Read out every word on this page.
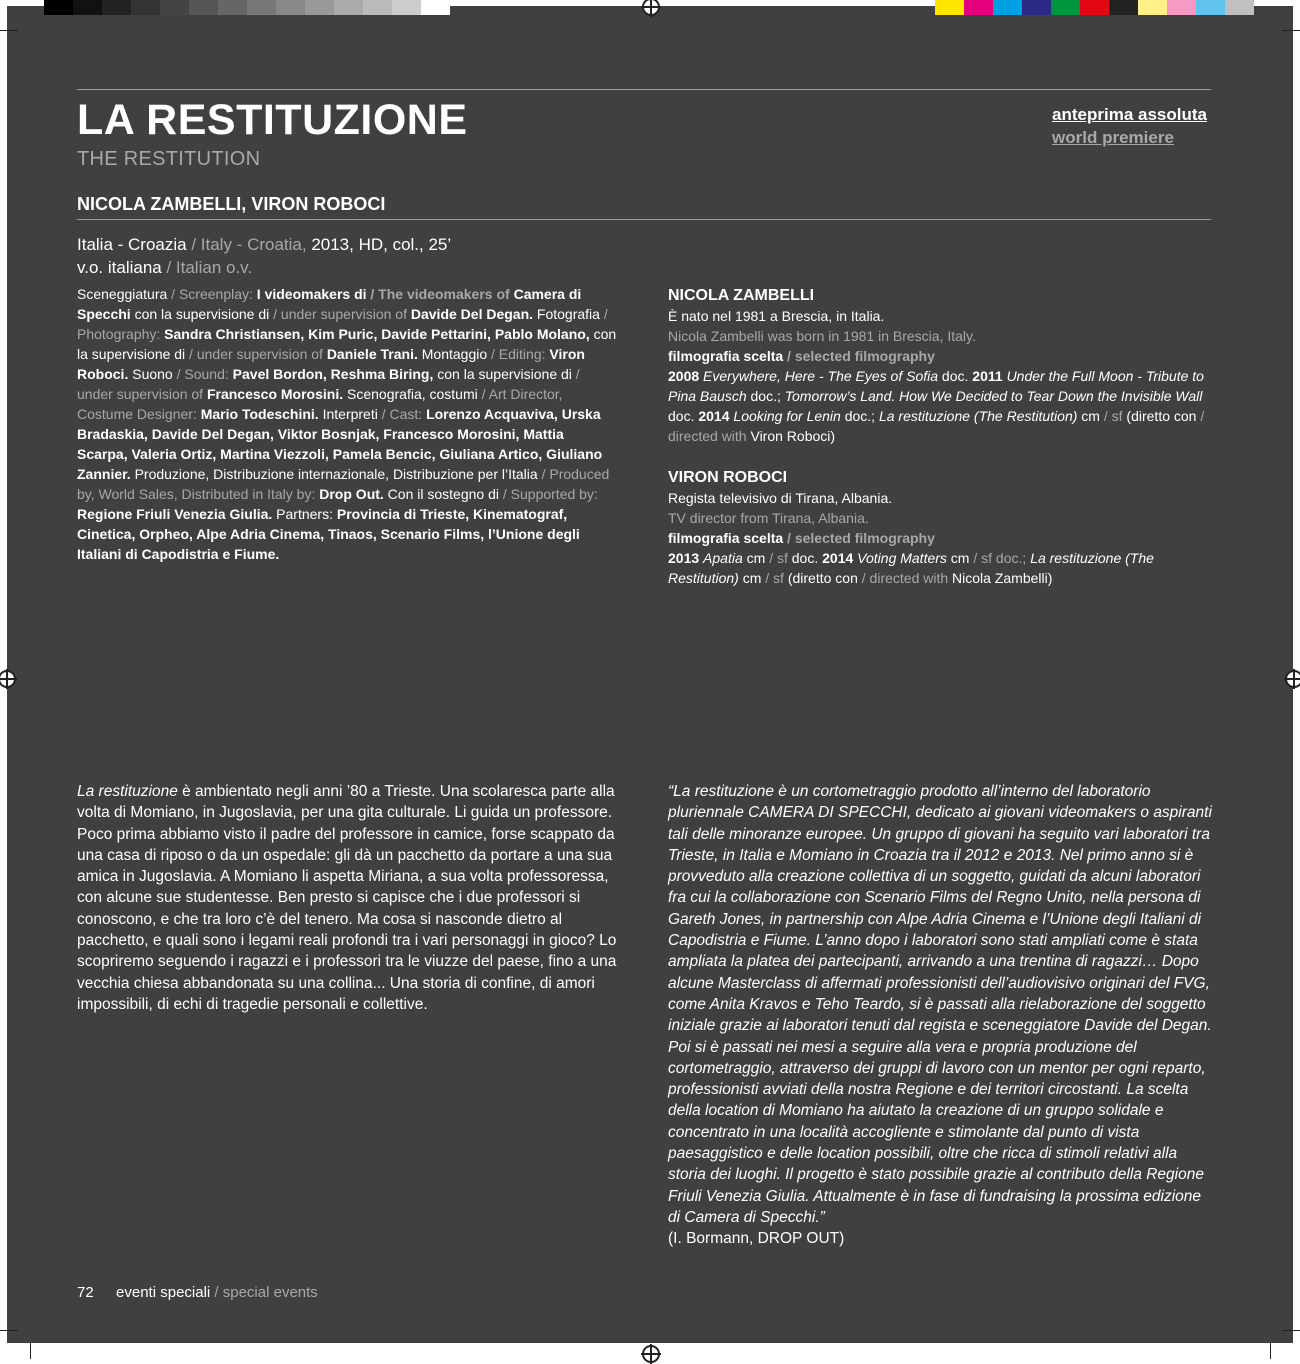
LA RESTITUZIONE
THE RESTITUTION
anteprima assoluta
world premiere
NICOLA ZAMBELLI, VIRON ROBOCI
Italia - Croazia / Italy - Croatia, 2013, HD, col., 25’
v.o. italiana / Italian o.v.
Sceneggiatura / Screenplay: I videomakers di / The videomakers of Camera di Specchi con la supervisione di / under supervision of Davide Del Degan. Fotografia / Photography: Sandra Christiansen, Kim Puric, Davide Pettarini, Pablo Molano, con la supervisione di / under supervision of Daniele Trani. Montaggio / Editing: Viron Roboci. Suono / Sound: Pavel Bordon, Reshma Biring, con la supervisione di / under supervision of Francesco Morosini. Scenografia, costumi / Art Director, Costume Designer: Mario Todeschini. Interpreti / Cast: Lorenzo Acquaviva, Urska Bradaskia, Davide Del Degan, Viktor Bosnjak, Francesco Morosini, Mattia Scarpa, Valeria Ortiz, Martina Viezzoli, Pamela Bencic, Giuliana Artico, Giuliano Zannier. Produzione, Distribuzione internazionale, Distribuzione per l’Italia / Produced by, World Sales, Distributed in Italy by: Drop Out. Con il sostegno di / Supported by: Regione Friuli Venezia Giulia. Partners: Provincia di Trieste, Kinematograf, Cinetica, Orpheo, Alpe Adria Cinema, Tinaos, Scenario Films, l’Unione degli Italiani di Capodistria e Fiume.
NICOLA ZAMBELLI
È nato nel 1981 a Brescia, in Italia.
Nicola Zambelli was born in 1981 in Brescia, Italy.
filmografia scelta / selected filmography
2008 Everywhere, Here - The Eyes of Sofia doc. 2011 Under the Full Moon - Tribute to Pina Bausch doc.; Tomorrow’s Land. How We Decided to Tear Down the Invisible Wall doc. 2014 Looking for Lenin doc.; La restituzione (The Restitution) cm / sf (diretto con / directed with Viron Roboci)
VIRON ROBOCI
Regista televisivo di Tirana, Albania.
TV director from Tirana, Albania.
filmografia scelta / selected filmography
2013 Apatia cm / sf doc. 2014 Voting Matters cm / sf doc.; La restituzione (The Restitution) cm / sf (diretto con / directed with Nicola Zambelli)
La restituzione è ambientato negli anni ’80 a Trieste. Una scolaresca parte alla volta di Momiano, in Jugoslavia, per una gita culturale. Li guida un professore. Poco prima abbiamo visto il padre del professore in camice, forse scappato da una casa di riposo o da un ospedale: gli dà un pacchetto da portare a una sua amica in Jugoslavia. A Momiano li aspetta Miriana, a sua volta professoressa, con alcune sue studentesse. Ben presto si capisce che i due professori si conoscono, e che tra loro c’è del tenero. Ma cosa si nasconde dietro al pacchetto, e quali sono i legami reali profondi tra i vari personaggi in gioco? Lo scopriremo seguendo i ragazzi e i professori tra le viuzze del paese, fino a una vecchia chiesa abbandonata su una collina... Una storia di confine, di amori impossibili, di echi di tragedie personali e collettive.
“La restituzione è un cortometraggio prodotto all’interno del laboratorio pluriennale CAMERA DI SPECCHI, dedicato ai giovani videomakers o aspiranti tali delle minoranze europee. Un gruppo di giovani ha seguito vari laboratori tra Trieste, in Italia e Momiano in Croazia tra il 2012 e 2013. Nel primo anno si è provveduto alla creazione collettiva di un soggetto, guidati da alcuni laboratori fra cui la collaborazione con Scenario Films del Regno Unito, nella persona di Gareth Jones, in partnership con Alpe Adria Cinema e l’Unione degli Italiani di Capodistria e Fiume. L’anno dopo i laboratori sono stati ampliati come è stata ampliata la platea dei partecipanti, arrivando a una trentina di ragazzi… Dopo alcune Masterclass di affermati professionisti dell’audiovisivo originari del FVG, come Anita Kravos e Teho Teardo, si è passati alla rielaborazione del soggetto iniziale grazie ai laboratori tenuti dal regista e sceneggiatore Davide del Degan. Poi si è passati nei mesi a seguire alla vera e propria produzione del cortometraggio, attraverso dei gruppi di lavoro con un mentor per ogni reparto, professionisti avviati della nostra Regione e dei territori circostanti. La scelta della location di Momiano ha aiutato la creazione di un gruppo solidale e concentrato in una località accogliente e stimolante dal punto di vista paesaggistico e delle location possibili, oltre che ricca di stimoli relativi alla storia dei luoghi. Il progetto è stato possibile grazie al contributo della Regione Friuli Venezia Giulia. Attualmente è in fase di fundraising la prossima edizione di Camera di Specchi.”
(I. Bormann, DROP OUT)
72 eventi speciali / special events
